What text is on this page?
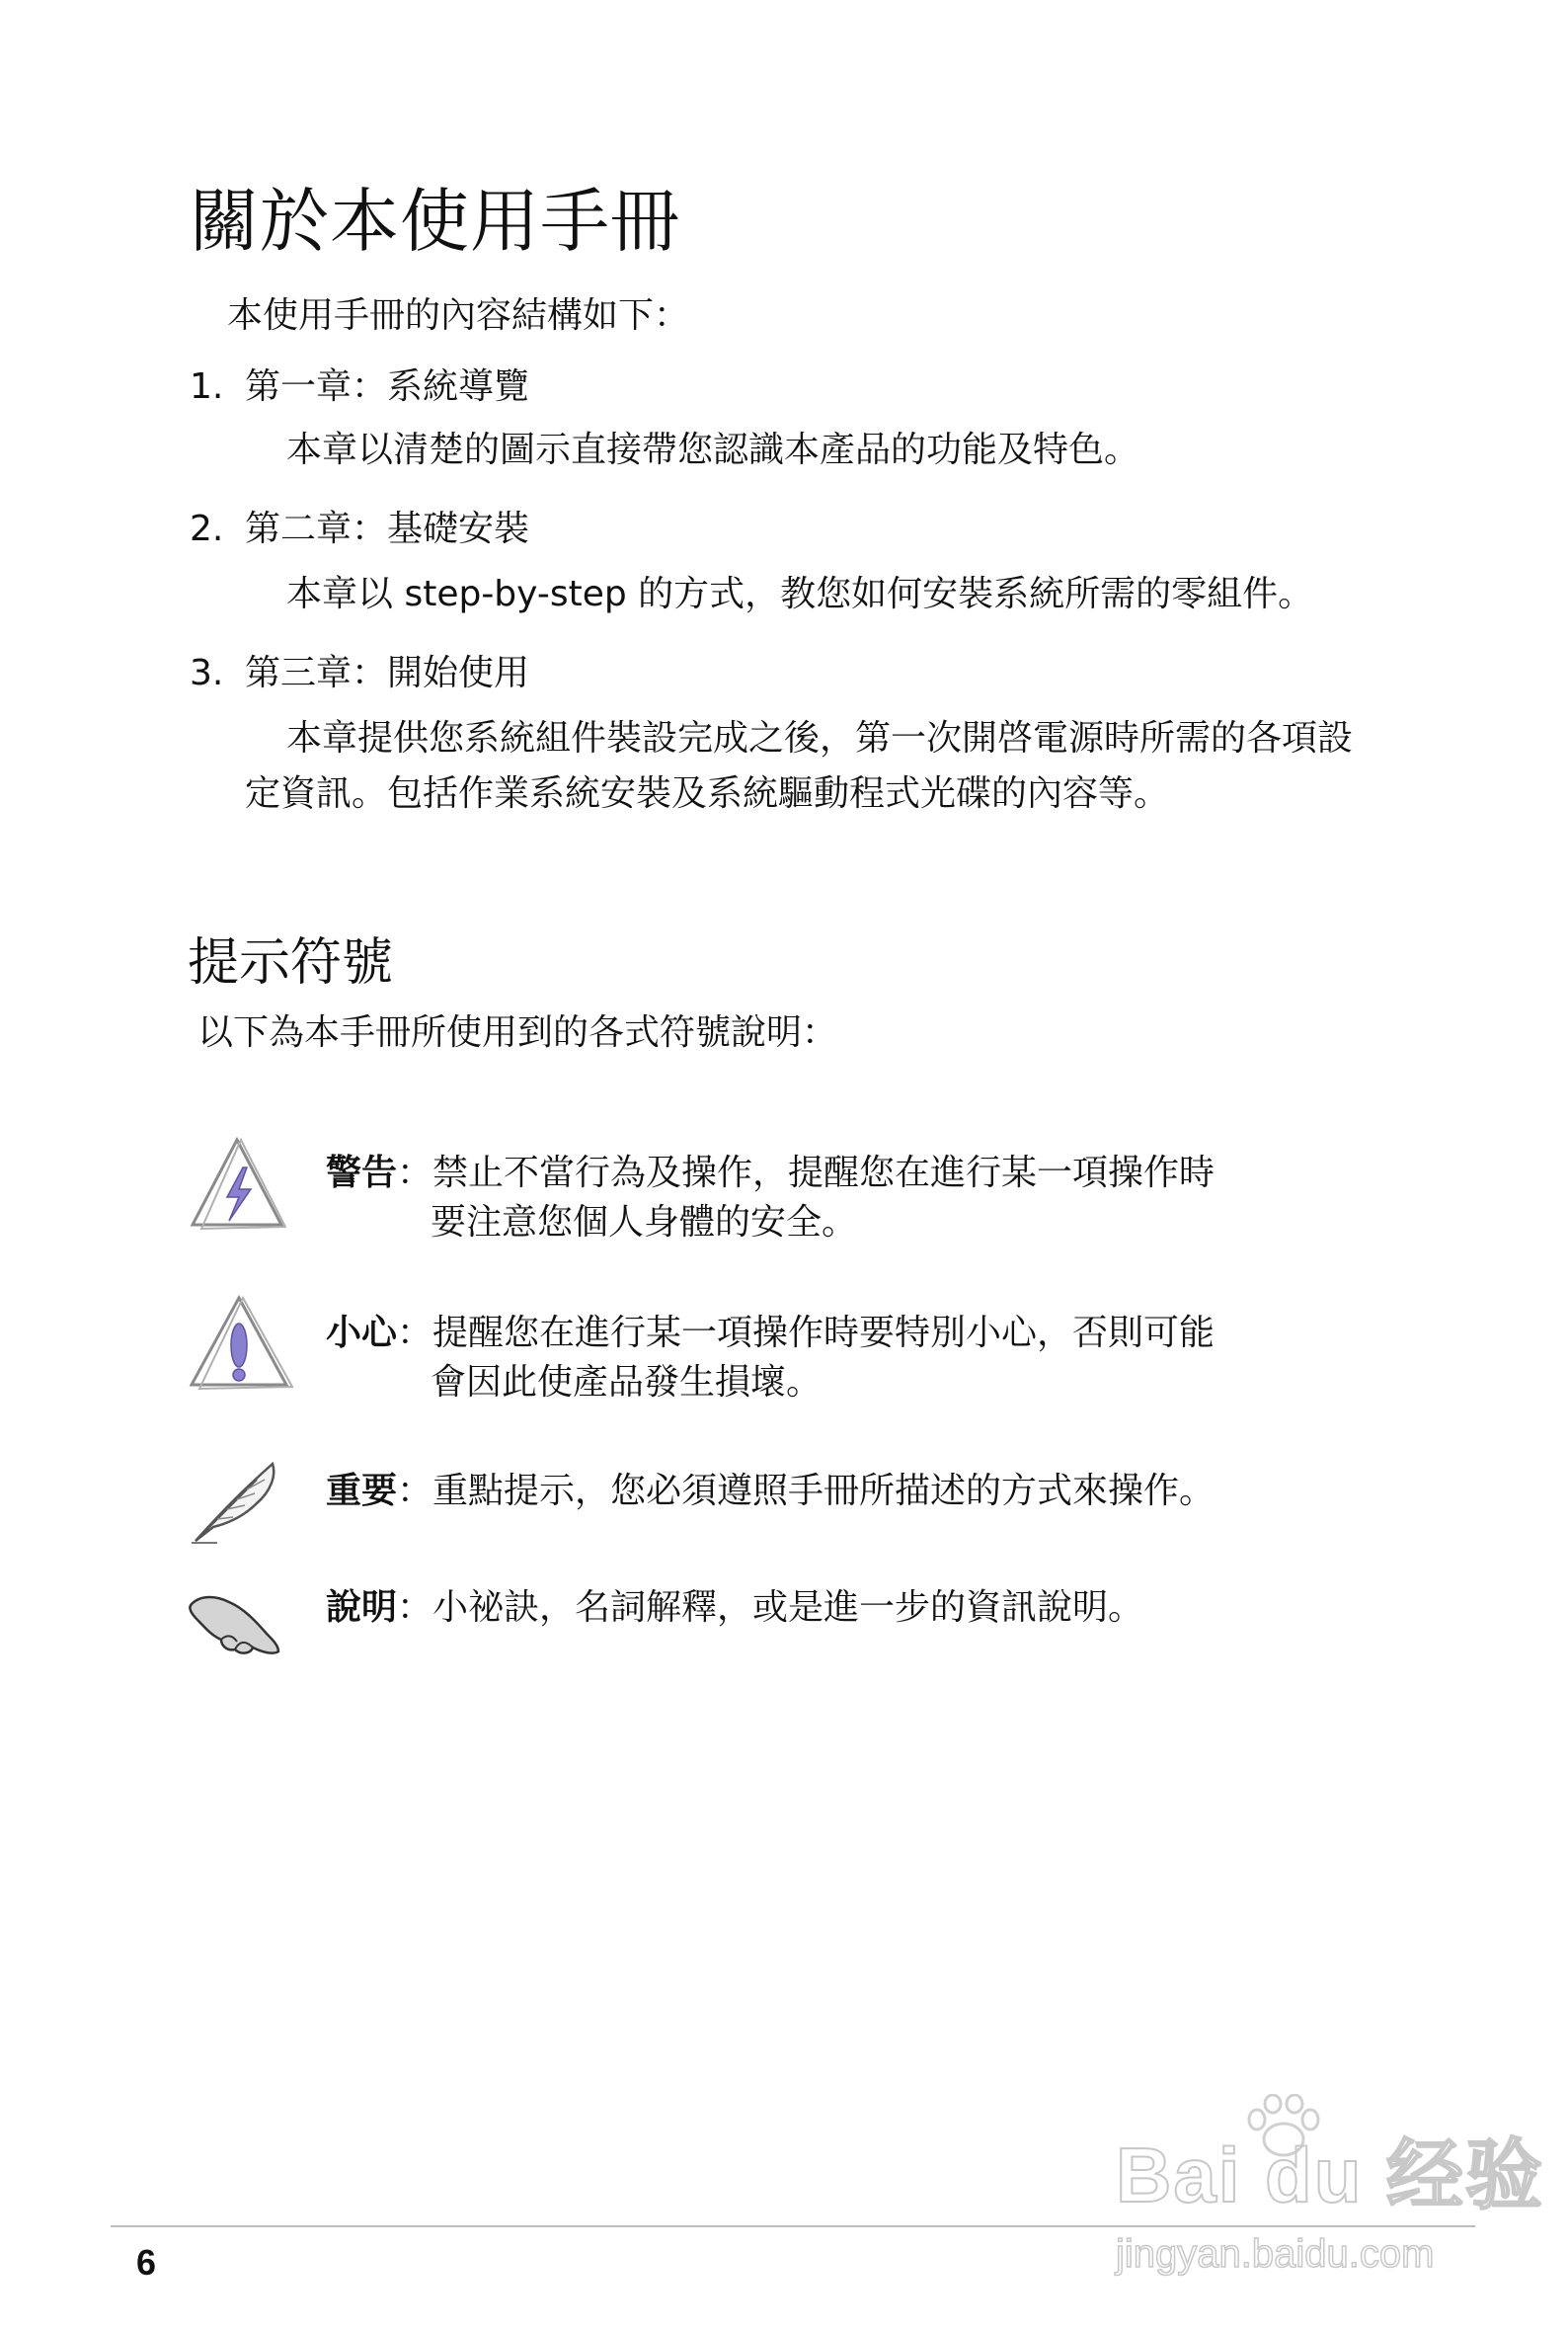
關於本使用手冊
本使用手冊的內容結構如下：
1. 第一章：系統導覽
本章以清楚的圖示直接帶您認識本產品的功能及特色。
2. 第二章：基礎安裝
本章以 step-by-step 的方式，教您如何安裝系統所需的零組件。
3. 第三章：開始使用
本章提供您系統組件裝設完成之後，第一次開啓電源時所需的各項設
定資訊。包括作業系統安裝及系統驅動程式光碟的內容等。
提示符號
以下為本手冊所使用到的各式符號說明：
警告：禁止不當行為及操作，提醒您在進行某一項操作時
要注意您個人身體的安全。
小心：提醒您在進行某一項操作時要特別小心，否則可能
會因此使產品發生損壞。
重要：重點提示，您必須遵照手冊所描述的方式來操作。
說明：小祕訣，名詞解釋，或是進一步的資訊說明。
Bai du 经验
jingyan.baidu.com
6
